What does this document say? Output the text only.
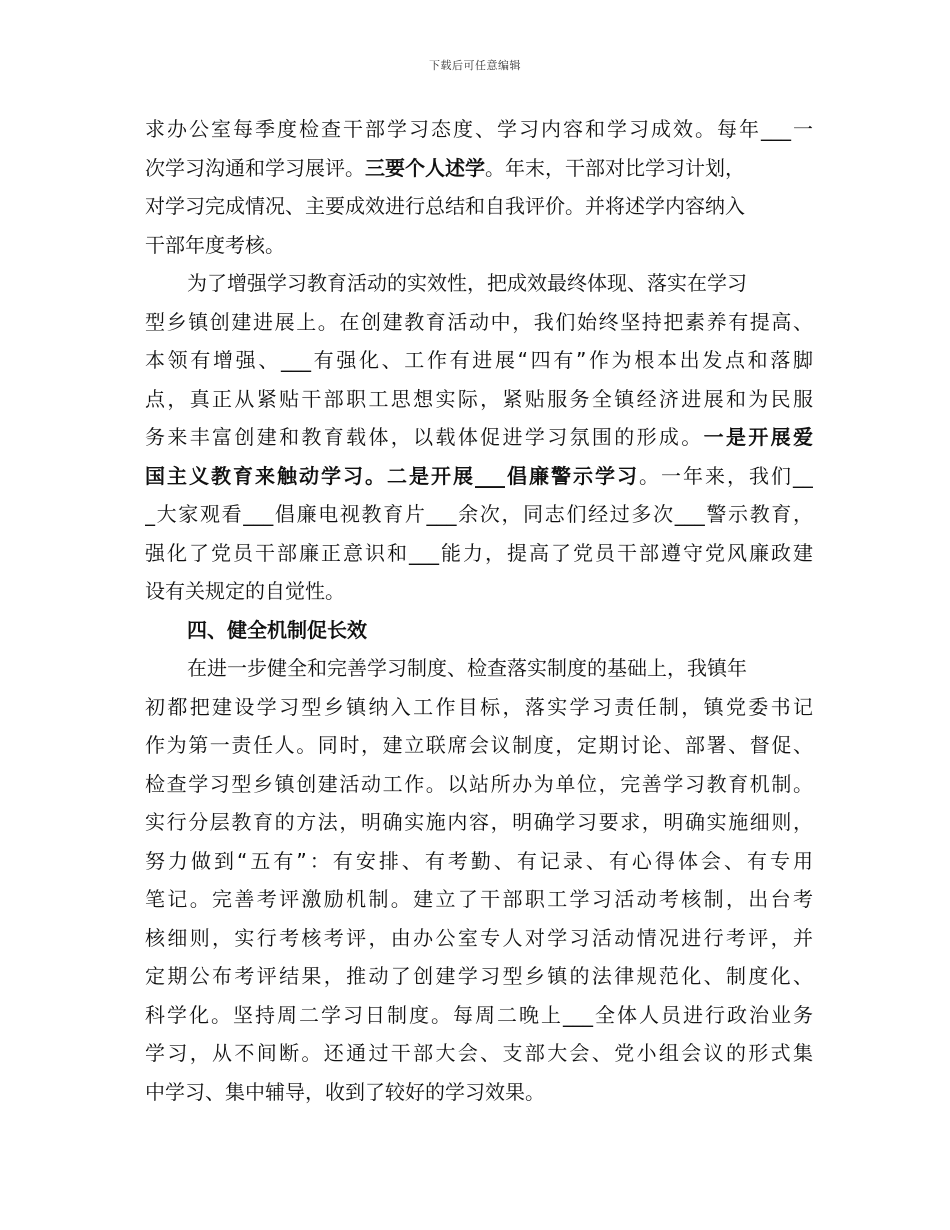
下载后可任意编辑
求办公室每季度检查干部学习态度、学习内容和学习成效。每年___一
次学习沟通和学习展评。三要个人述学。年末，干部对比学习计划，
对学习完成情况、主要成效进行总结和自我评价。并将述学内容纳入
干部年度考核。
为了增强学习教育活动的实效性，把成效最终体现、落实在学习
型乡镇创建进展上。在创建教育活动中，我们始终坚持把素养有提高、
本领有增强、___有强化、工作有进展“四有”作为根本出发点和落脚
点，真正从紧贴干部职工思想实际，紧贴服务全镇经济进展和为民服
务来丰富创建和教育载体，以载体促进学习氛围的形成。一是开展爱
国主义教育来触动学习。二是开展___倡廉警示学习。一年来，我们__
_大家观看___倡廉电视教育片___余次，同志们经过多次___警示教育，
强化了党员干部廉正意识和___能力，提高了党员干部遵守党风廉政建
设有关规定的自觉性。
四、健全机制促长效
在进一步健全和完善学习制度、检查落实制度的基础上，我镇年
初都把建设学习型乡镇纳入工作目标，落实学习责任制，镇党委书记
作为第一责任人。同时，建立联席会议制度，定期讨论、部署、督促、
检查学习型乡镇创建活动工作。以站所办为单位，完善学习教育机制。
实行分层教育的方法，明确实施内容，明确学习要求，明确实施细则，
努力做到“五有”：有安排、有考勤、有记录、有心得体会、有专用
笔记。完善考评激励机制。建立了干部职工学习活动考核制，出台考
核细则，实行考核考评，由办公室专人对学习活动情况进行考评，并
定期公布考评结果，推动了创建学习型乡镇的法律规范化、制度化、
科学化。坚持周二学习日制度。每周二晚上___全体人员进行政治业务
学习，从不间断。还通过干部大会、支部大会、党小组会议的形式集
中学习、集中辅导，收到了较好的学习效果。
